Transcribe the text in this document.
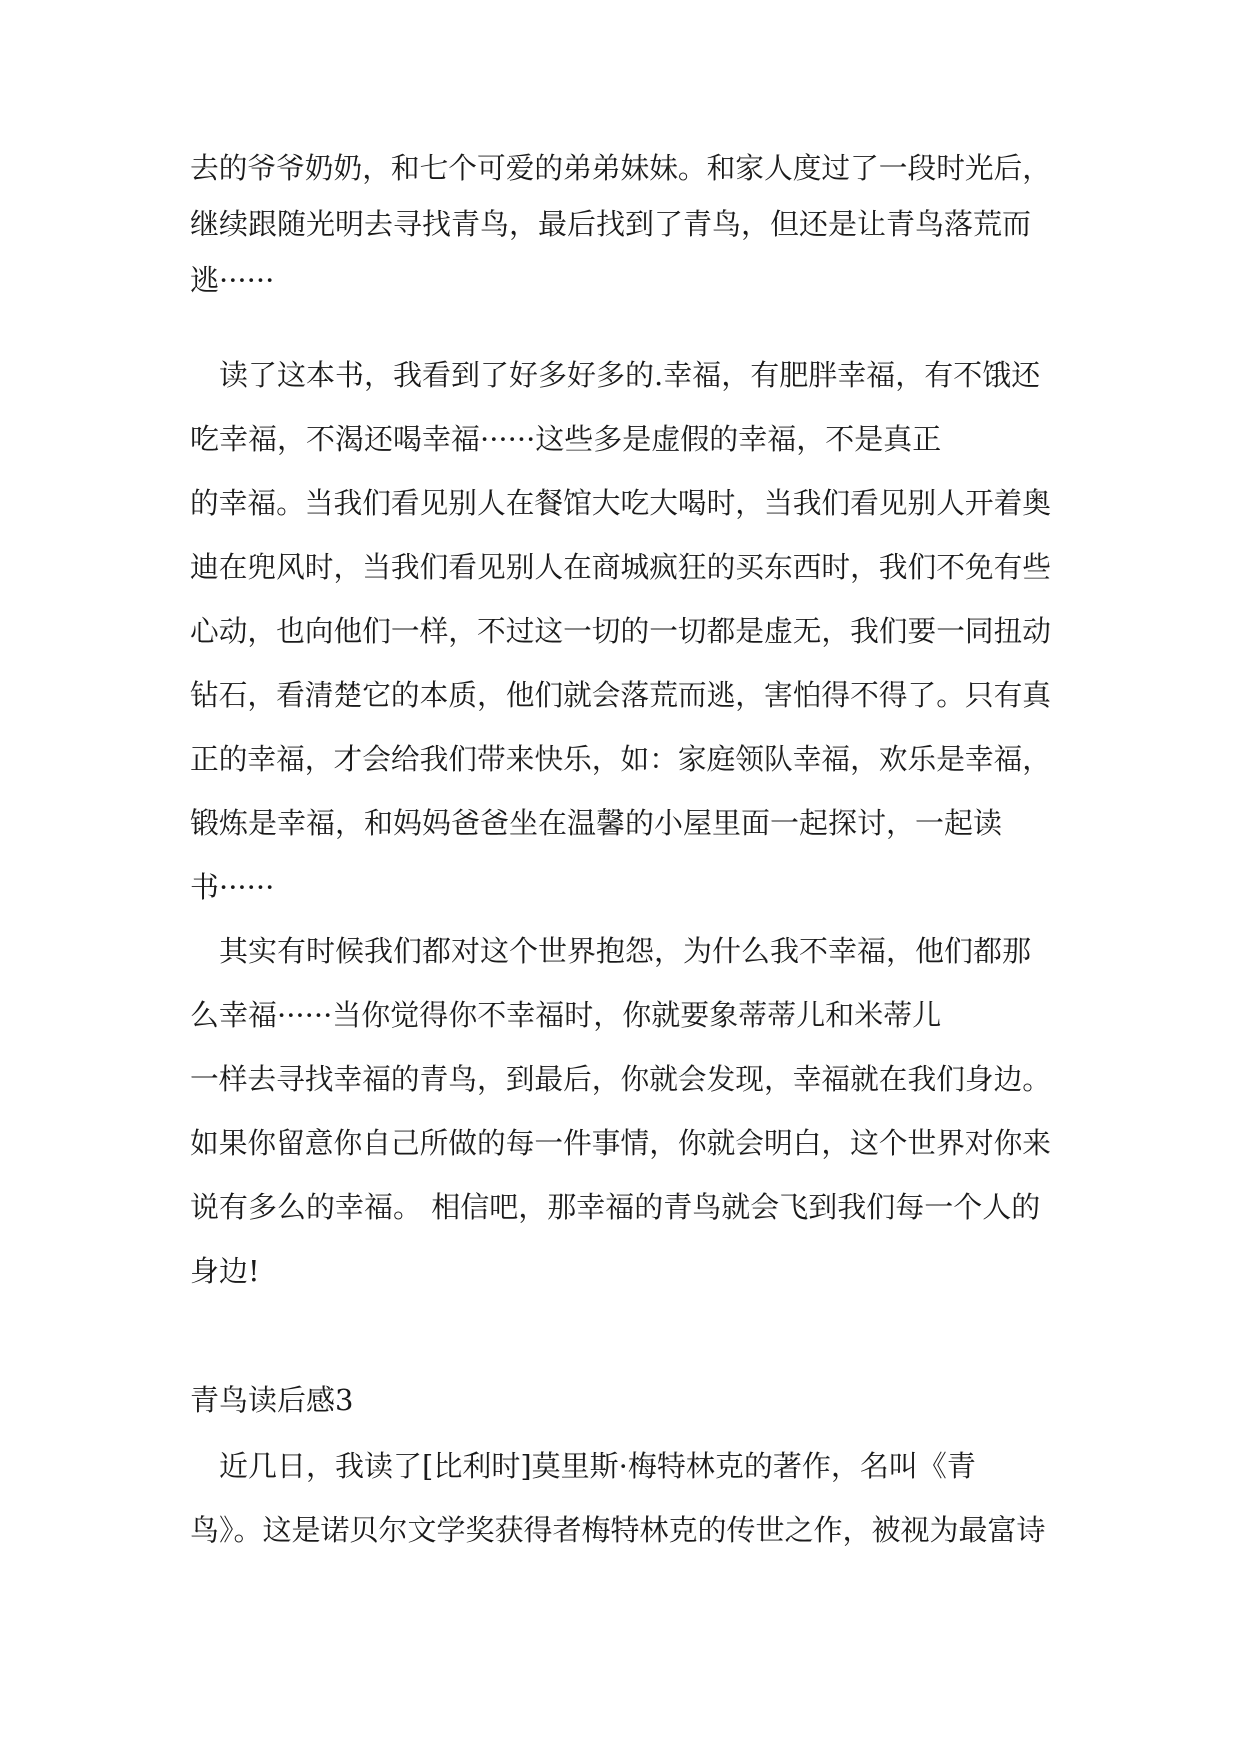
去的爷爷奶奶，和七个可爱的弟弟妹妹。和家人度过了一段时光后，

继续跟随光明去寻找青鸟，最后找到了青鸟，但还是让青鸟落荒而

逃······

　读了这本书，我看到了好多好多的.幸福，有肥胖幸福，有不饿还

吃幸福，不渴还喝幸福······这些多是虚假的幸福，不是真正

的幸福。当我们看见别人在餐馆大吃大喝时，当我们看见别人开着奥

迪在兜风时，当我们看见别人在商城疯狂的买东西时，我们不免有些

心动，也向他们一样，不过这一切的一切都是虚无，我们要一同扭动

钻石，看清楚它的本质，他们就会落荒而逃，害怕得不得了。只有真

正的幸福，才会给我们带来快乐，如：家庭领队幸福，欢乐是幸福，

锻炼是幸福，和妈妈爸爸坐在温馨的小屋里面一起探讨，一起读

书······

　其实有时候我们都对这个世界抱怨，为什么我不幸福，他们都那

么幸福······当你觉得你不幸福时，你就要象蒂蒂儿和米蒂儿

一样去寻找幸福的青鸟，到最后，你就会发现，幸福就在我们身边。

如果你留意你自己所做的每一件事情，你就会明白，这个世界对你来

说有多么的幸福。 相信吧，那幸福的青鸟就会飞到我们每一个人的

身边!

青鸟读后感3

　近几日，我读了[比利时]莫里斯·梅特林克的著作，名叫《青

鸟》。这是诺贝尔文学奖获得者梅特林克的传世之作，被视为最富诗
